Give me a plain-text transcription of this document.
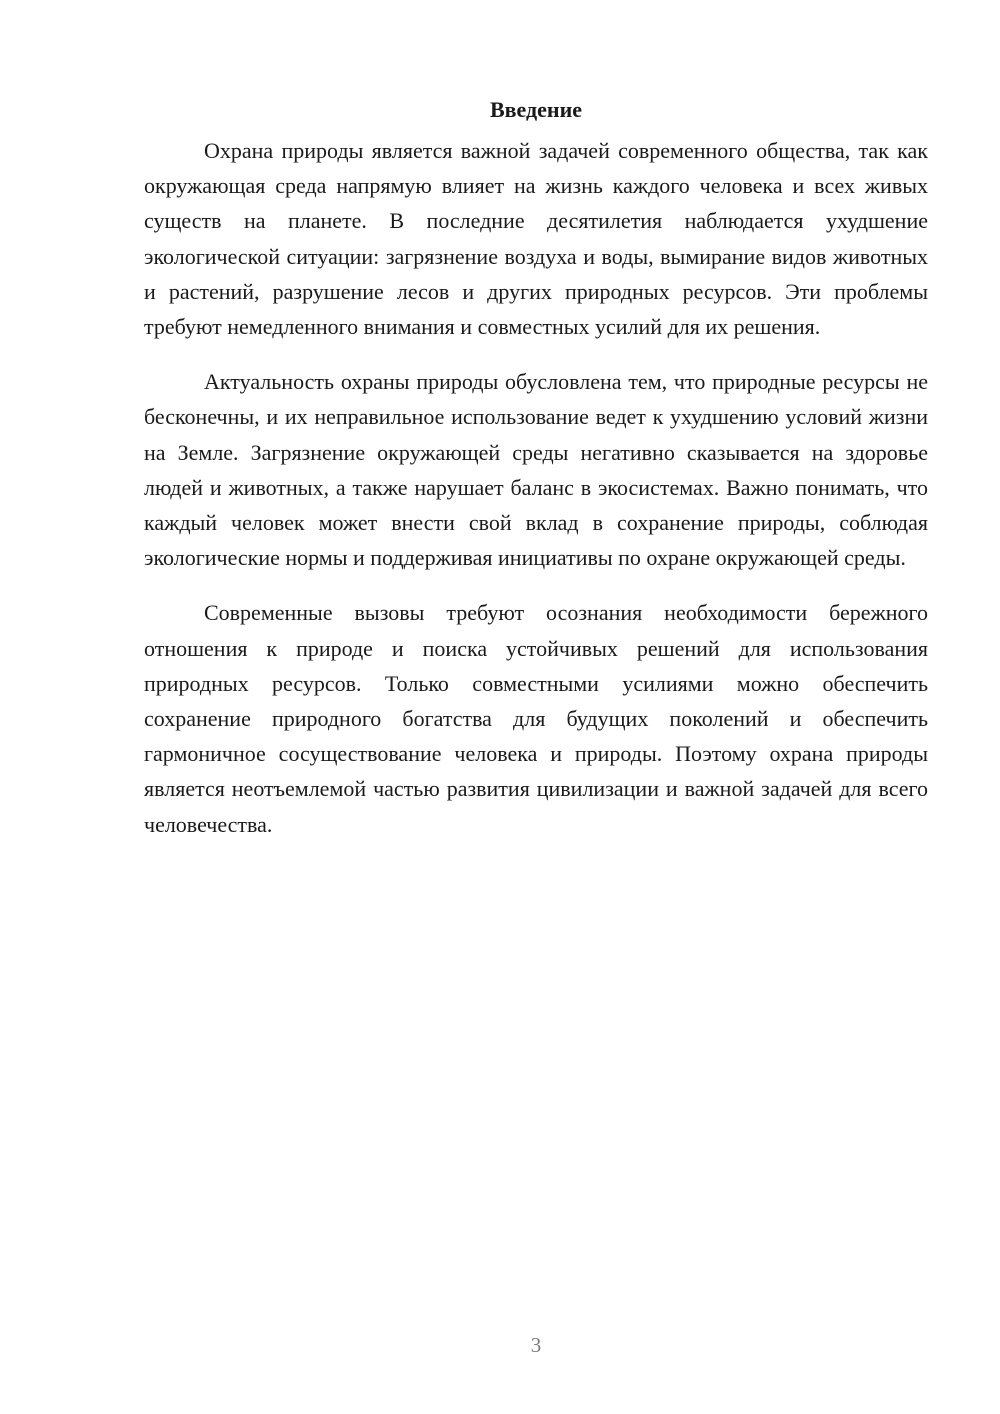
Введение

Охрана природы является важной задачей современного общества, так как окружающая среда напрямую влияет на жизнь каждого человека и всех живых существ на планете. В последние десятилетия наблюдается ухудшение экологической ситуации: загрязнение воздуха и воды, вымирание видов животных и растений, разрушение лесов и других природных ресурсов. Эти проблемы требуют немедленного внимания и совместных усилий для их решения.

Актуальность охраны природы обусловлена тем, что природные ресурсы не бесконечны, и их неправильное использование ведет к ухудшению условий жизни на Земле. Загрязнение окружающей среды негативно сказывается на здоровье людей и животных, а также нарушает баланс в экосистемах. Важно понимать, что каждый человек может внести свой вклад в сохранение природы, соблюдая экологические нормы и поддерживая инициативы по охране окружающей среды.

Современные вызовы требуют осознания необходимости бережного отношения к природе и поиска устойчивых решений для использования природных ресурсов. Только совместными усилиями можно обеспечить сохранение природного богатства для будущих поколений и обеспечить гармоничное сосуществование человека и природы. Поэтому охрана природы является неотъемлемой частью развития цивилизации и важной задачей для всего человечества.

3
